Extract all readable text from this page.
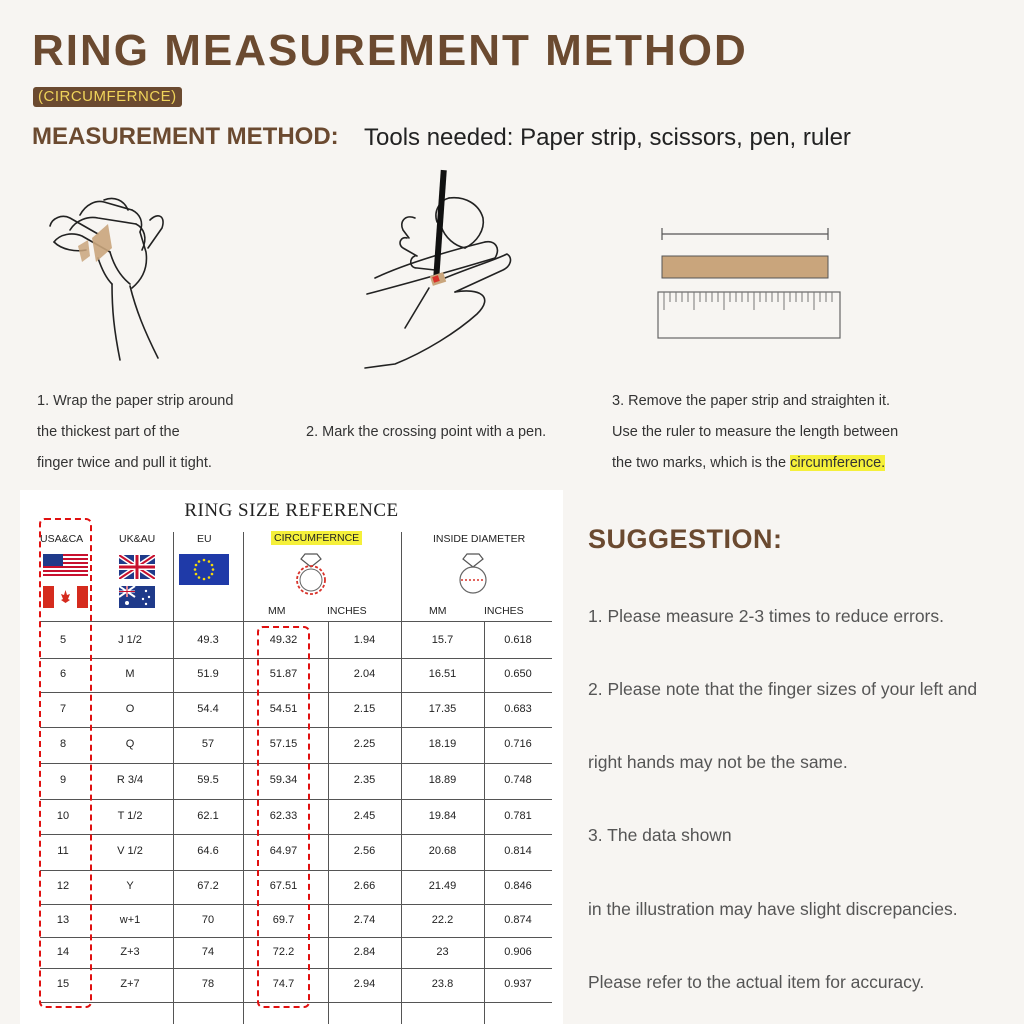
RING MEASUREMENT METHOD
(CIRCUMFERNCE)
MEASUREMENT METHOD: Tools needed: Paper strip, scissors, pen, ruler
1. Wrap the paper strip around
the thickest part of the
finger twice and pull it tight.
2. Mark the crossing point with a pen.
3. Remove the paper strip and straighten it.
Use the ruler to measure the length between
the two marks, which is the circumference.
RING SIZE REFERENCE
USA&CA	UK&AU	EU	CIRCUMFERNCE	INSIDE DIAMETER
MM	INCHES	MM	INCHES
5	J 1/2	49.3	49.32	1.94	15.7	0.618
6	M	51.9	51.87	2.04	16.51	0.650
7	O	54.4	54.51	2.15	17.35	0.683
8	Q	57	57.15	2.25	18.19	0.716
9	R 3/4	59.5	59.34	2.35	18.89	0.748
10	T 1/2	62.1	62.33	2.45	19.84	0.781
11	V 1/2	64.6	64.97	2.56	20.68	0.814
12	Y	67.2	67.51	2.66	21.49	0.846
13	w+1	70	69.7	2.74	22.2	0.874
14	Z+3	74	72.2	2.84	23	0.906
15	Z+7	78	74.7	2.94	23.8	0.937
SUGGESTION:
1. Please measure 2-3 times to reduce errors.
2. Please note that the finger sizes of your left and
right hands may not be the same.
3. The data shown
in the illustration may have slight discrepancies.
Please refer to the actual item for accuracy.
